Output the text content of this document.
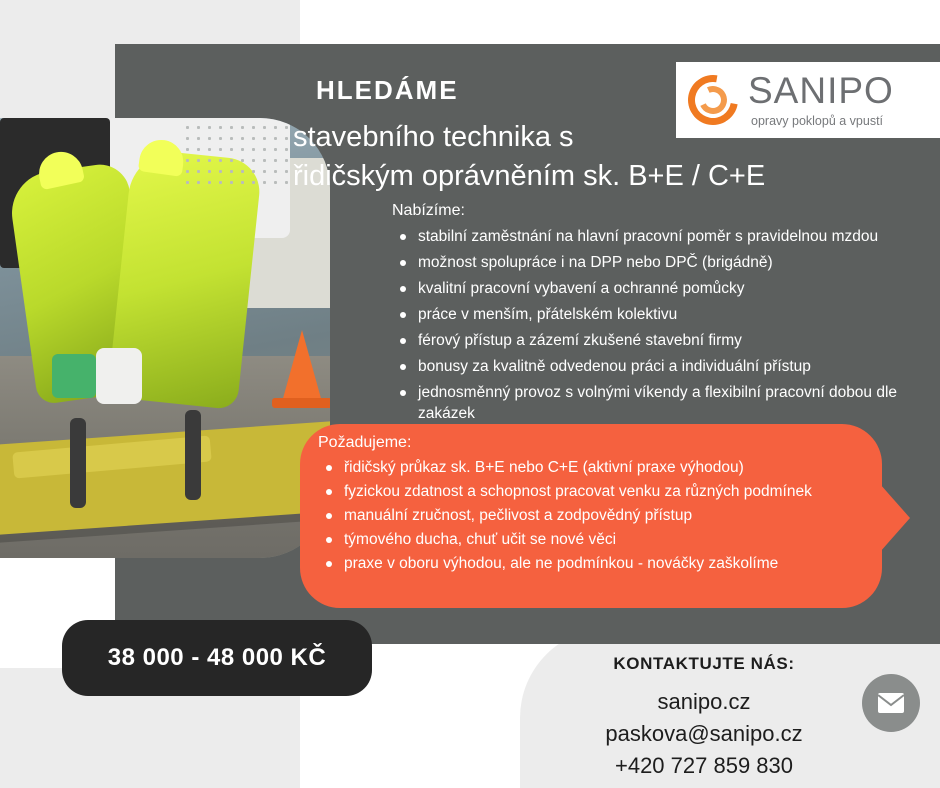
HLEDÁME
stavebního technika s
řidičským oprávněním sk. B+E / C+E
SANIPO
opravy poklopů a vpustí
Nabízíme:
stabilní zaměstnání na hlavní pracovní poměr s pravidelnou mzdou
možnost spolupráce i na DPP nebo DPČ (brigádně)
kvalitní pracovní vybavení a ochranné pomůcky
práce v menším, přátelském kolektivu
férový přístup a zázemí zkušené stavební firmy
bonusy za kvalitně odvedenou práci a individuální přístup
jednosměnný provoz s volnými víkendy a flexibilní pracovní dobou dle zakázek
Požadujeme:
řidičský průkaz sk. B+E nebo C+E (aktivní praxe výhodou)
fyzickou zdatnost a schopnost pracovat venku za různých podmínek
manuální zručnost, pečlivost a zodpovědný přístup
týmového ducha, chuť učit se nové věci
praxe v oboru výhodou, ale ne podmínkou - nováčky zaškolíme
38 000 - 48 000 KČ	KONTAKTUJTE NÁS:
sanipo.cz
paskova@sanipo.cz
+420 727 859 830
